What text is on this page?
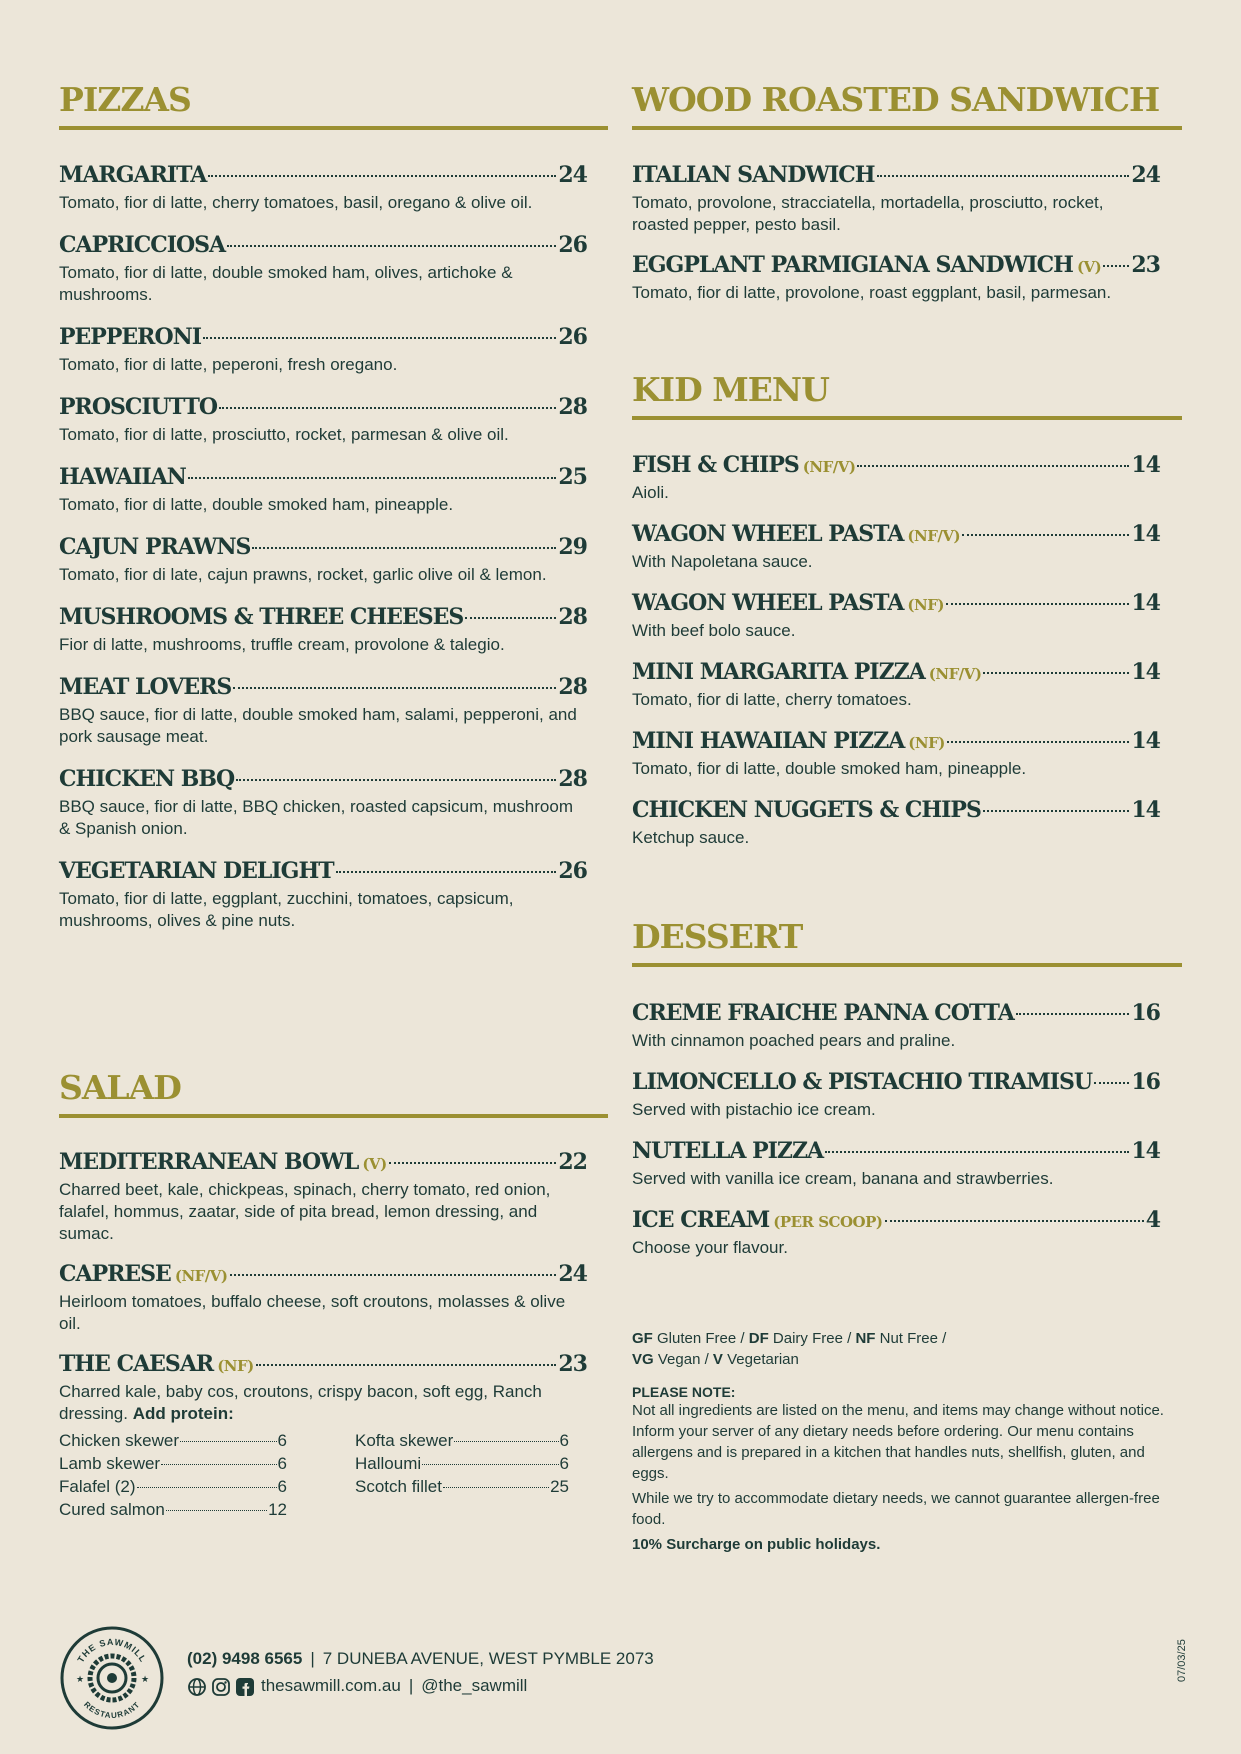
PIZZAS
MARGARITA	24
Tomato, fior di latte, cherry tomatoes, basil, oregano & olive oil.
CAPRICCIOSA	26
Tomato, fior di latte, double smoked ham, olives, artichoke & mushrooms.
PEPPERONI	26
Tomato, fior di latte, peperoni, fresh oregano.
PROSCIUTTO	28
Tomato, fior di latte, prosciutto, rocket, parmesan & olive oil.
HAWAIIAN	25
Tomato, fior di latte, double smoked ham, pineapple.
CAJUN PRAWNS	29
Tomato, fior di late, cajun prawns, rocket, garlic olive oil & lemon.
MUSHROOMS & THREE CHEESES	28
Fior di latte, mushrooms, truffle cream, provolone & talegio.
MEAT LOVERS	28
BBQ sauce, fior di latte, double smoked ham, salami, pepperoni, and pork sausage meat.
CHICKEN BBQ	28
BBQ sauce, fior di latte, BBQ chicken, roasted capsicum, mushroom & Spanish onion.
VEGETARIAN DELIGHT	26
Tomato, fior di latte, eggplant, zucchini, tomatoes, capsicum, mushrooms, olives & pine nuts.
SALAD
MEDITERRANEAN BOWL (V)	22
Charred beet, kale, chickpeas, spinach, cherry tomato, red onion, falafel, hommus, zaatar, side of pita bread, lemon dressing, and sumac.
CAPRESE (NF/V)	24
Heirloom tomatoes, buffalo cheese, soft croutons, molasses & olive oil.
THE CAESAR (NF)	23
Charred kale, baby cos, croutons, crispy bacon, soft egg, Ranch dressing. Add protein:
Chicken skewer	6	Kofta skewer	6
Lamb skewer	6	Halloumi	6
Falafel (2)	6	Scotch fillet	25
Cured salmon	12
WOOD ROASTED SANDWICH
ITALIAN SANDWICH	24
Tomato, provolone, stracciatella, mortadella, prosciutto, rocket, roasted pepper, pesto basil.
EGGPLANT PARMIGIANA SANDWICH (V) 23
Tomato, fior di latte, provolone, roast eggplant, basil, parmesan.
KID MENU
FISH & CHIPS (NF/V)	14
Aioli.
WAGON WHEEL PASTA (NF/V)	14
With Napoletana sauce.
WAGON WHEEL PASTA (NF)	14
With beef bolo sauce.
MINI MARGARITA PIZZA (NF/V)	14
Tomato, fior di latte, cherry tomatoes.
MINI HAWAIIAN PIZZA (NF)	14
Tomato, fior di latte, double smoked ham, pineapple.
CHICKEN NUGGETS & CHIPS	14
Ketchup sauce.
DESSERT
CREME FRAICHE PANNA COTTA	16
With cinnamon poached pears and praline.
LIMONCELLO & PISTACHIO TIRAMISU 16
Served with pistachio ice cream.
NUTELLA PIZZA	14
Served with vanilla ice cream, banana and strawberries.
ICE CREAM (PER SCOOP)	4
Choose your flavour.
GF Gluten Free / DF Dairy Free / NF Nut Free /
VG Vegan / V Vegetarian
PLEASE NOTE:

Not all ingredients are listed on the menu, and items may change without notice. Inform your server of any dietary needs before ordering. Our menu contains allergens and is prepared in a kitchen that handles nuts, shellfish, gluten, and eggs.

While we try to accommodate dietary needs, we cannot guarantee allergen-free food.

10% Surcharge on public holidays.
THE SAWMILL
RESTAURANT
★	★
(02) 9498 6565 | 7 DUNEBA AVENUE, WEST PYMBLE 2073
thesawmill.com.au | @the_sawmill
07/03/25
